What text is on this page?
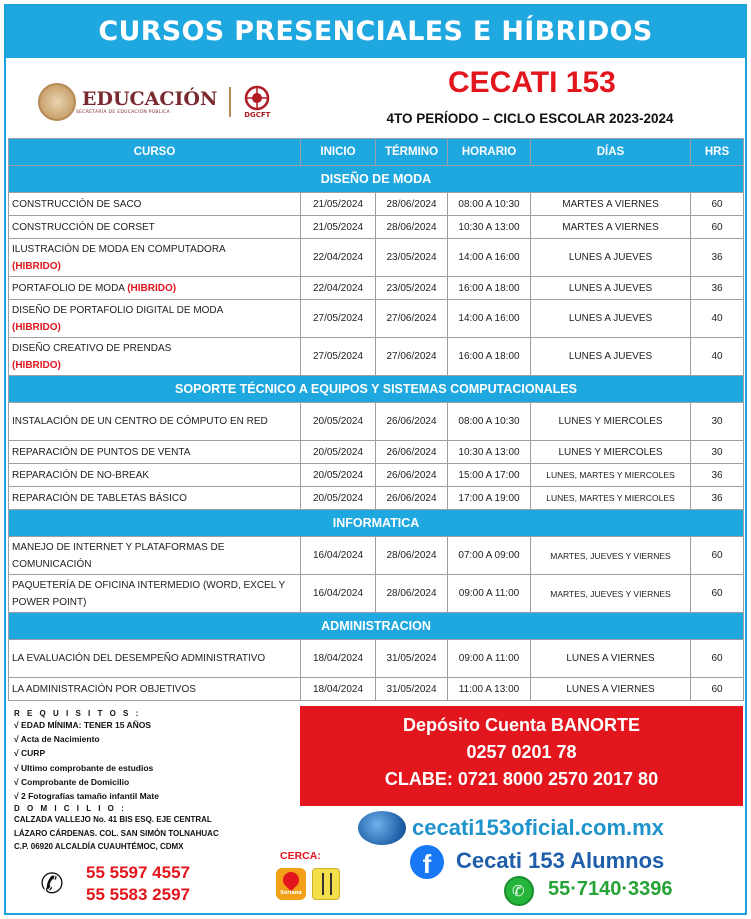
CURSOS PRESENCIALES E HÍBRIDOS
EDUCACIÓN
SECRETARÍA DE EDUCACIÓN PÚBLICA	DGCFT
CECATI 153
4TO PERÍODO – CICLO ESCOLAR 2023-2024
CURSO	INICIO	TÉRMINO	HORARIO	DÍAS	HRS
DISEÑO DE MODA					
CONSTRUCCIÓN DE SACO	21/05/2024	28/06/2024	08:00 A 10:30	MARTES A VIERNES	60
CONSTRUCCIÓN DE CORSET	21/05/2024	28/06/2024	10:30 A 13:00	MARTES A VIERNES	60
ILUSTRACIÓN DE MODA EN COMPUTADORA
(HIBRIDO)	22/04/2024	23/05/2024	14:00 A 16:00	LUNES A JUEVES	36
PORTAFOLIO DE MODA (HIBRIDO)	22/04/2024	23/05/2024	16:00 A 18:00	LUNES A JUEVES	36
DISEÑO DE PORTAFOLIO DIGITAL DE MODA
(HIBRIDO)	27/05/2024	27/06/2024	14:00 A 16:00	LUNES A JUEVES	40
DISEÑO CREATIVO DE PRENDAS
(HIBRIDO)	27/05/2024	27/06/2024	16:00 A 18:00	LUNES A JUEVES	40
SOPORTE TÉCNICO A EQUIPOS Y SISTEMAS COMPUTACIONALES					
INSTALACIÓN DE UN CENTRO DE CÓMPUTO EN RED	20/05/2024	26/06/2024	08:00 A 10:30	LUNES Y MIERCOLES	30
REPARACIÓN DE PUNTOS DE VENTA	20/05/2024	26/06/2024	10:30 A 13:00	LUNES Y MIERCOLES	30
REPARACIÓN DE NO-BREAK	20/05/2024	26/06/2024	15:00 A 17:00	LUNES, MARTES Y MIERCOLES	36
REPARACIÓN DE TABLETAS BÁSICO	20/05/2024	26/06/2024	17:00 A 19:00	LUNES, MARTES Y MIERCOLES	36
INFORMATICA					
MANEJO DE INTERNET Y PLATAFORMAS DE COMUNICACIÓN	16/04/2024	28/06/2024	07:00 A 09:00	MARTES, JUEVES Y VIERNES	60
PAQUETERÍA DE OFICINA INTERMEDIO (WORD, EXCEL Y POWER POINT)	16/04/2024	28/06/2024	09:00 A 11:00	MARTES, JUEVES Y VIERNES	60
ADMINISTRACION					
LA EVALUACIÓN DEL DESEMPEÑO ADMINISTRATIVO	18/04/2024	31/05/2024	09:00 A 11:00	LUNES A VIERNES	60
LA ADMINISTRACIÓN POR OBJETIVOS	18/04/2024	31/05/2024	11:00 A 13:00	LUNES A VIERNES	60
R E Q U I S I T O S :
√ EDAD MÍNIMA: TENER 15 AÑOS
√ Acta de Nacimiento
√ CURP
√ Ultimo comprobante de estudios
√ Comprobante de Domicilio
√ 2 Fotografías tamaño infantil Mate
D O M I C I L I O :
CALZADA VALLEJO No. 41 BIS ESQ. EJE CENTRAL
LÁZARO CÁRDENAS. COL. SAN SIMÓN TOLNAHUAC
C.P. 06920 ALCALDÍA CUAUHTÉMOC, CDMX
✆ 55 5597 4557
55 5583 2597
CERCA:
Soriana
Depósito Cuenta BANORTE
0257 0201 78
CLABE: 0721 8000 2570 2017 80
cecati153oficial.com.mx
f	Cecati 153 Alumnos
✆ 55·7140·3396
